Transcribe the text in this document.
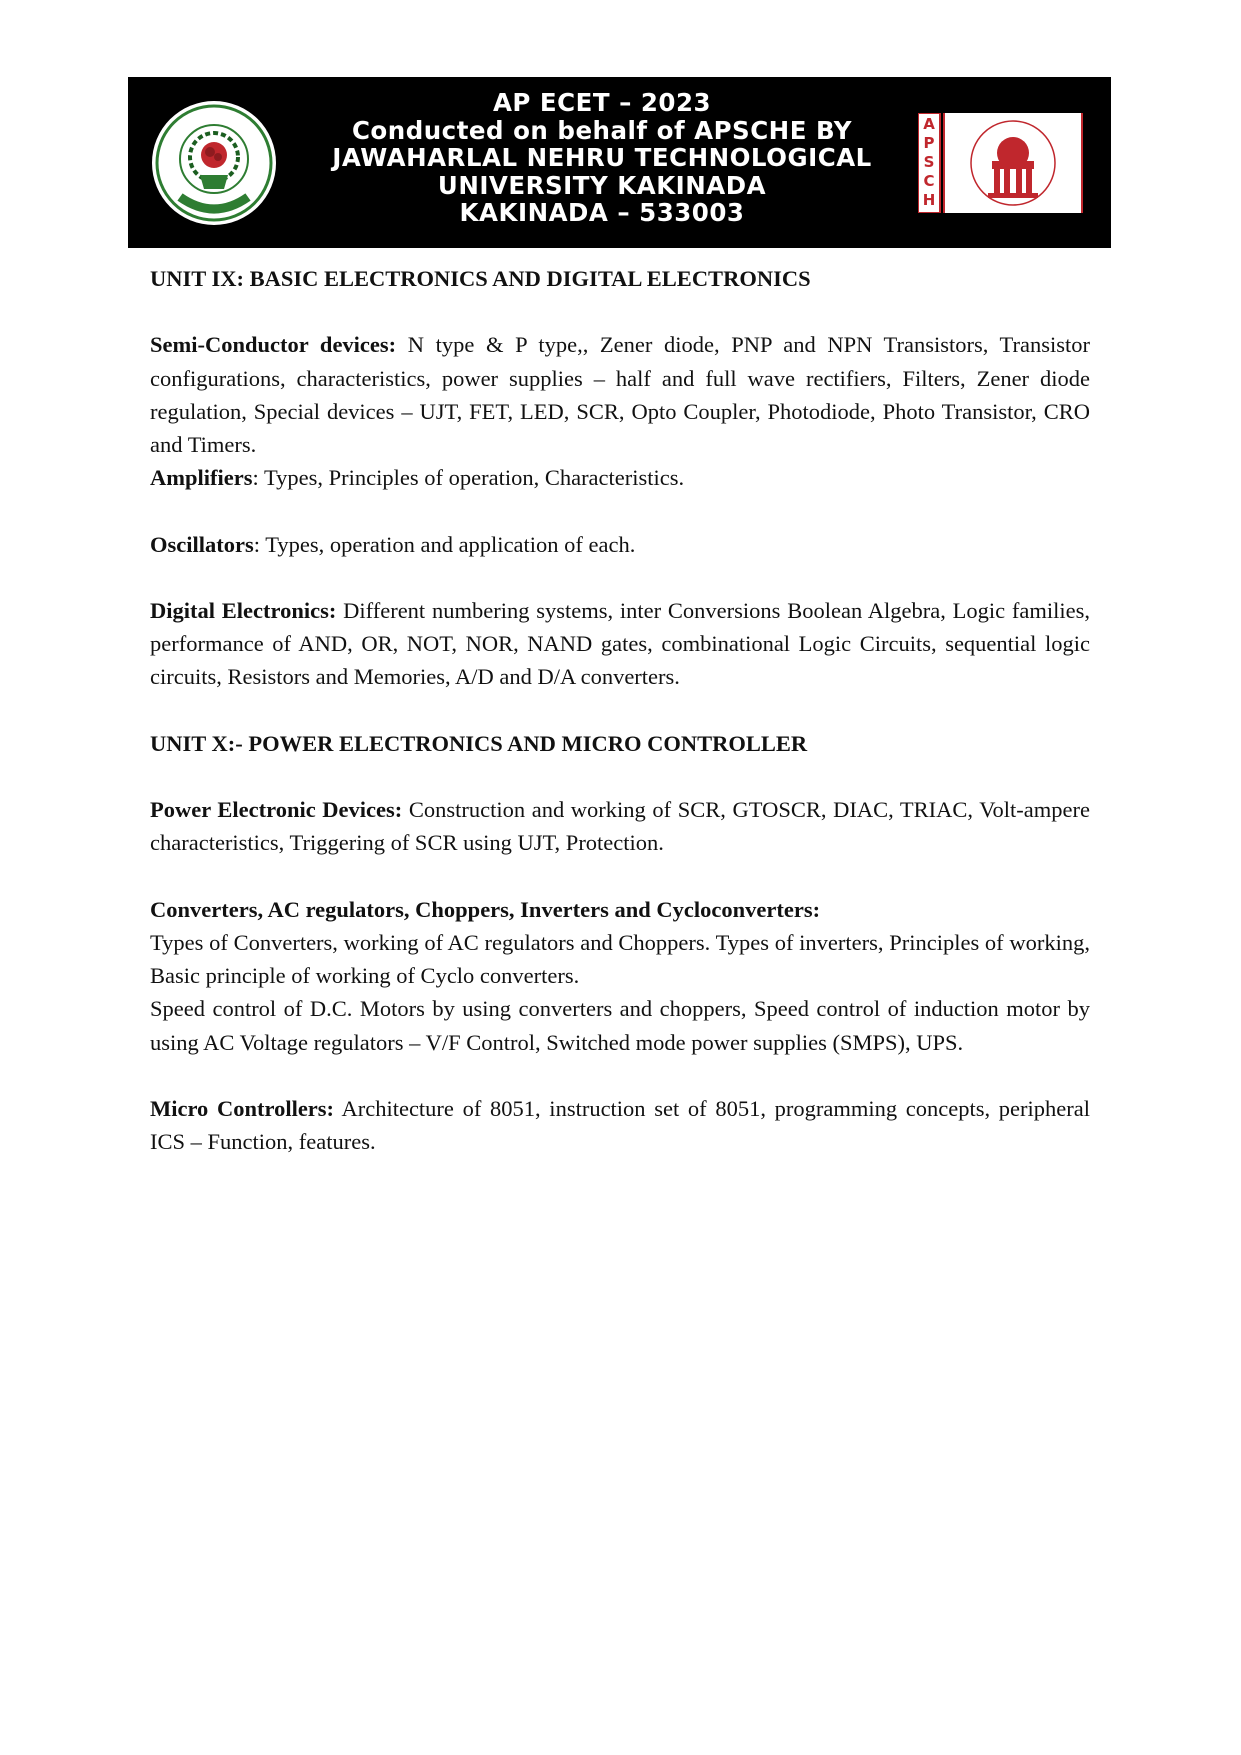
AP ECET – 2023
Conducted on behalf of APSCHE BY
JAWAHARLAL NEHRU TECHNOLOGICAL
UNIVERSITY KAKINADA
KAKINADA – 533003
A
P
S
C
H

UNIT IX: BASIC ELECTRONICS AND DIGITAL ELECTRONICS

Semi-Conductor devices: N type & P type,, Zener diode, PNP and NPN Transistors, Transistor configurations, characteristics, power supplies – half and full wave rectifiers, Filters, Zener diode regulation, Special devices – UJT, FET, LED, SCR, Opto Coupler, Photodiode, Photo Transistor, CRO and Timers.

Amplifiers: Types, Principles of operation, Characteristics.

Oscillators: Types, operation and application of each.

Digital Electronics: Different numbering systems, inter Conversions Boolean Algebra, Logic families, performance of AND, OR, NOT, NOR, NAND gates, combinational Logic Circuits, sequential logic circuits, Resistors and Memories, A/D and D/A converters.

UNIT X:- POWER ELECTRONICS AND MICRO CONTROLLER

Power Electronic Devices: Construction and working of SCR, GTOSCR, DIAC, TRIAC, Volt-ampere characteristics, Triggering of SCR using UJT, Protection.

Converters, AC regulators, Choppers, Inverters and Cycloconverters:

Types of Converters, working of AC regulators and Choppers. Types of inverters, Principles of working, Basic principle of working of Cyclo converters.

Speed control of D.C. Motors by using converters and choppers, Speed control of induction motor by using AC Voltage regulators – V/F Control, Switched mode power supplies (SMPS), UPS.

Micro Controllers: Architecture of 8051, instruction set of 8051, programming concepts, peripheral ICS – Function, features.
